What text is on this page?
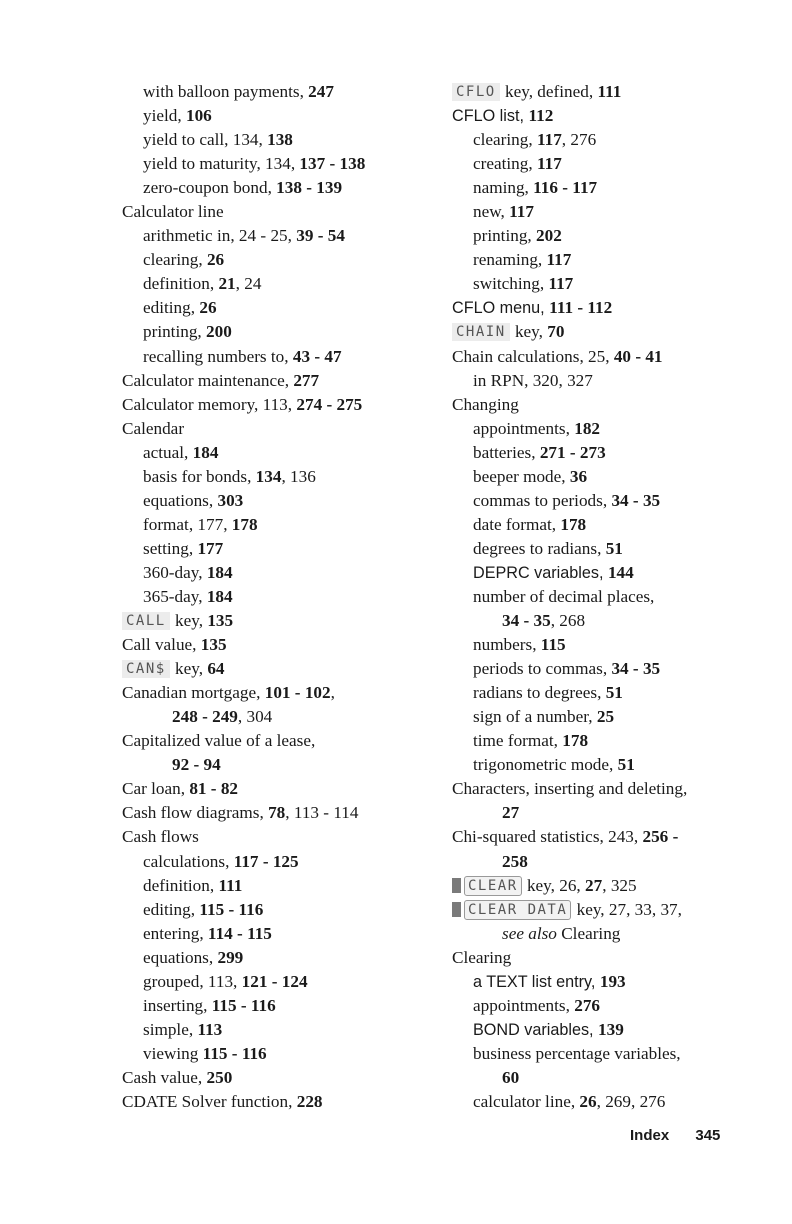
with balloon payments, 247
yield, 106
yield to call, 134, 138
yield to maturity, 134, 137 - 138
zero-coupon bond, 138 - 139
Calculator line
arithmetic in, 24 - 25, 39 - 54
clearing, 26
definition, 21, 24
editing, 26
printing, 200
recalling numbers to, 43 - 47
Calculator maintenance, 277
Calculator memory, 113, 274 - 275
Calendar
actual, 184
basis for bonds, 134, 136
equations, 303
format, 177, 178
setting, 177
360-day, 184
365-day, 184
CALL key, 135
Call value, 135
CAN$ key, 64
Canadian mortgage, 101 - 102,
248 - 249, 304
Capitalized value of a lease,
92 - 94
Car loan, 81 - 82
Cash flow diagrams, 78, 113 - 114
Cash flows
calculations, 117 - 125
definition, 111
editing, 115 - 116
entering, 114 - 115
equations, 299
grouped, 113, 121 - 124
inserting, 115 - 116
simple, 113
viewing 115 - 116
Cash value, 250
CDATE Solver function, 228
CFLO key, defined, 111
CFLO list, 112
clearing, 117, 276
creating, 117
naming, 116 - 117
new, 117
printing, 202
renaming, 117
switching, 117
CFLO menu, 111 - 112
CHAIN key, 70
Chain calculations, 25, 40 - 41
in RPN, 320, 327
Changing
appointments, 182
batteries, 271 - 273
beeper mode, 36
commas to periods, 34 - 35
date format, 178
degrees to radians, 51
DEPRC variables, 144
number of decimal places,
34 - 35, 268
numbers, 115
periods to commas, 34 - 35
radians to degrees, 51
sign of a number, 25
time format, 178
trigonometric mode, 51
Characters, inserting and deleting,
27
Chi-squared statistics, 243, 256 -
258
CLEAR key, 26, 27, 325
CLEAR DATA key, 27, 33, 37,
see also Clearing
Clearing
a TEXT list entry, 193
appointments, 276
BOND variables, 139
business percentage variables,
60
calculator line, 26, 269, 276
Index 345
